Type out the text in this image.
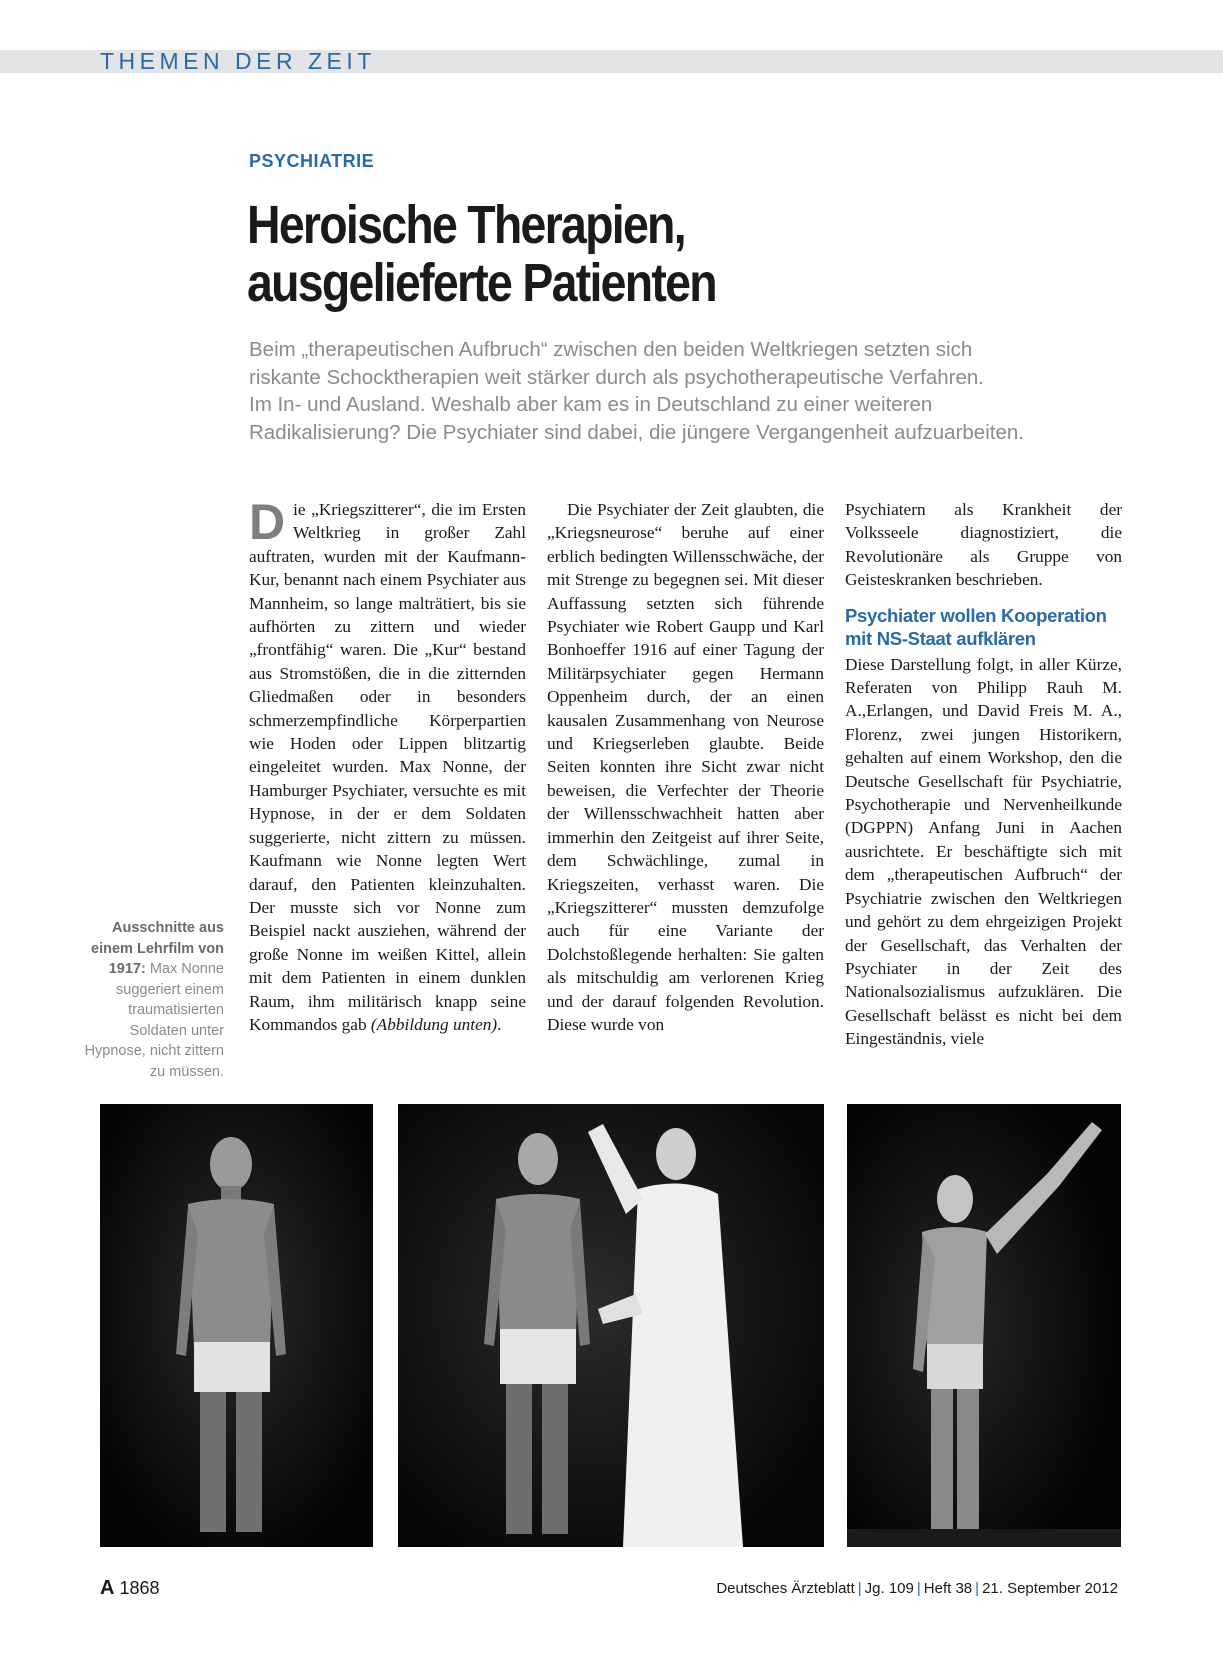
THEMEN DER ZEIT
PSYCHIATRIE
Heroische Therapien,
ausgelieferte Patienten
Beim „therapeutischen Aufbruch“ zwischen den beiden Weltkriegen setzten sich
riskante Schocktherapien weit stärker durch als psychotherapeutische Verfahren.
Im In- und Ausland. Weshalb aber kam es in Deutschland zu einer weiteren
Radikalisierung? Die Psychiater sind dabei, die jüngere Vergangenheit aufzuarbeiten.

Die „Kriegszitterer“, die im Ersten Weltkrieg in großer Zahl auftraten, wurden mit der Kaufmann-Kur, benannt nach einem Psychiater aus Mannheim, so lange malträtiert, bis sie aufhörten zu zittern und wieder „frontfähig“ waren. Die „Kur“ bestand aus Stromstößen, die in die zitternden Gliedmaßen oder in besonders schmerzempfindliche Körperpartien wie Hoden oder Lippen blitzartig eingeleitet wurden. Max Nonne, der Hamburger Psychiater, versuchte es mit Hypnose, in der er dem Soldaten suggerierte, nicht zittern zu müssen. Kaufmann wie Nonne legten Wert darauf, den Patienten kleinzuhalten. Der musste sich vor Nonne zum Beispiel nackt ausziehen, während der große Nonne im weißen Kittel, allein mit dem Patienten in einem dunklen Raum, ihm militärisch knapp seine Kommandos gab (Abbildung unten).

Die Psychiater der Zeit glaubten, die „Kriegsneurose“ beruhe auf einer erblich bedingten Willensschwäche, der mit Strenge zu begegnen sei. Mit dieser Auffassung setzten sich führende Psychiater wie Robert Gaupp und Karl Bonhoeffer 1916 auf einer Tagung der Militärpsychiater gegen Hermann Oppenheim durch, der an einen kausalen Zusammenhang von Neurose und Kriegserleben glaubte. Beide Seiten konnten ihre Sicht zwar nicht beweisen, die Verfechter der Theorie der Willensschwachheit hatten aber immerhin den Zeitgeist auf ihrer Seite, dem Schwächlinge, zumal in Kriegszeiten, verhasst waren. Die „Kriegszitterer“ mussten demzufolge auch für eine Variante der Dolchstoßlegende herhalten: Sie galten als mitschuldig am verlorenen Krieg und der darauf folgenden Revolution. Diese wurde von

Psychiatern als Krankheit der Volksseele diagnostiziert, die Revolutionäre als Gruppe von Geisteskranken beschrieben.

Psychiater wollen Kooperation mit NS-Staat aufklären

Diese Darstellung folgt, in aller Kürze, Referaten von Philipp Rauh M. A.,Erlangen, und David Freis M. A., Florenz, zwei jungen Historikern, gehalten auf einem Workshop, den die Deutsche Gesellschaft für Psychiatrie, Psychotherapie und Nervenheilkunde (DGPPN) Anfang Juni in Aachen ausrichtete. Er beschäftigte sich mit dem „therapeutischen Aufbruch“ der Psychiatrie zwischen den Weltkriegen und gehört zu dem ehrgeizigen Projekt der Gesellschaft, das Verhalten der Psychiater in der Zeit des Nationalsozialismus aufzuklären. Die Gesellschaft belässt es nicht bei dem Eingeständnis, viele

Ausschnitte aus einem Lehrfilm von 1917: Max Nonne suggeriert einem traumatisierten Soldaten unter Hypnose, nicht zittern zu müssen.
A 1868	Deutsches Ärzteblatt | Jg. 109 | Heft 38 | 21. September 2012
